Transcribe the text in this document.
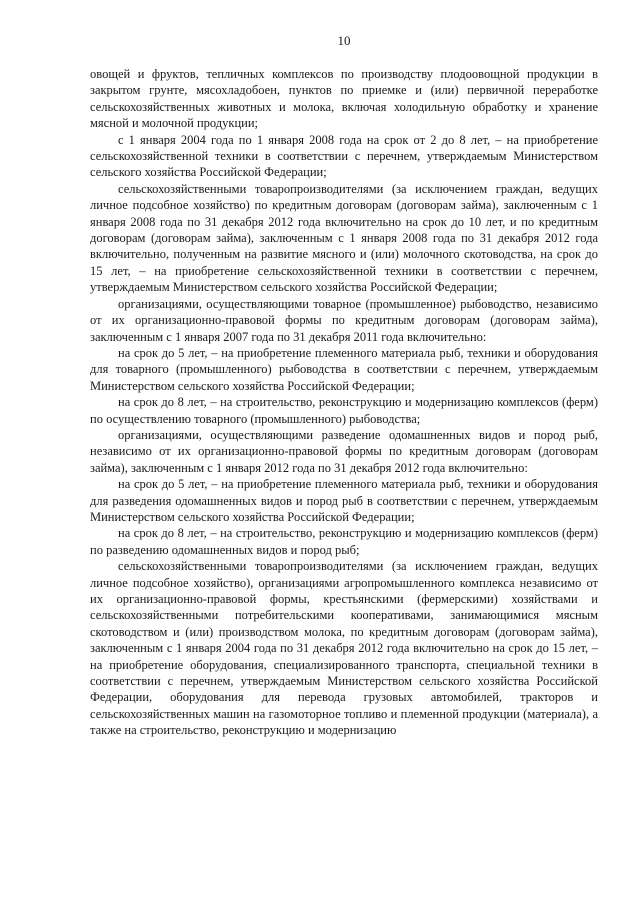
10

овощей и фруктов, тепличных комплексов по производству плодоовощной продукции в закрытом грунте, мясохладобоен, пунктов по приемке и (или) первичной переработке сельскохозяйственных животных и молока, включая холодильную обработку и хранение мясной и молочной продукции;

с 1 января 2004 года по 1 января 2008 года на срок от 2 до 8 лет, – на приобретение сельскохозяйственной техники в соответствии с перечнем, утверждаемым Министерством сельского хозяйства Российской Федерации;

сельскохозяйственными товаропроизводителями (за исключением граждан, ведущих личное подсобное хозяйство) по кредитным договорам (договорам займа), заключенным с 1 января 2008 года по 31 декабря 2012 года включительно на срок до 10 лет, и по кредитным договорам (договорам займа), заключенным с 1 января 2008 года по 31 декабря 2012 года включительно, полученным на развитие мясного и (или) молочного скотоводства, на срок до 15 лет, – на приобретение сельскохозяйственной техники в соответствии с перечнем, утверждаемым Министерством сельского хозяйства Российской Федерации;

организациями, осуществляющими товарное (промышленное) рыбоводство, независимо от их организационно-правовой формы по кредитным договорам (договорам займа), заключенным с 1 января 2007 года по 31 декабря 2011 года включительно:

на срок до 5 лет, – на приобретение племенного материала рыб, техники и оборудования для товарного (промышленного) рыбоводства в соответствии с перечнем, утверждаемым Министерством сельского хозяйства Российской Федерации;

на срок до 8 лет, – на строительство, реконструкцию и модернизацию комплексов (ферм) по осуществлению товарного (промышленного) рыбоводства;

организациями, осуществляющими разведение одомашненных видов и пород рыб, независимо от их организационно-правовой формы по кредитным договорам (договорам займа), заключенным с 1 января 2012 года по 31 декабря 2012 года включительно:

на срок до 5 лет, – на приобретение племенного материала рыб, техники и оборудования для разведения одомашненных видов и пород рыб в соответствии с перечнем, утверждаемым Министерством сельского хозяйства Российской Федерации;

на срок до 8 лет, – на строительство, реконструкцию и модернизацию комплексов (ферм) по разведению одомашненных видов и пород рыб;

сельскохозяйственными товаропроизводителями (за исключением граждан, ведущих личное подсобное хозяйство), организациями агропромышленного комплекса независимо от их организационно-правовой формы, крестьянскими (фермерскими) хозяйствами и сельскохозяйственными потребительскими кооперативами, занимающимися мясным скотоводством и (или) производством молока, по кредитным договорам (договорам займа), заключенным с 1 января 2004 года по 31 декабря 2012 года включительно на срок до 15 лет, – на приобретение оборудования, специализированного транспорта, специальной техники в соответствии с перечнем, утверждаемым Министерством сельского хозяйства Российской Федерации, оборудования для перевода грузовых автомобилей, тракторов и сельскохозяйственных машин на газомоторное топливо и племенной продукции (материала), а также на строительство, реконструкцию и модернизацию
